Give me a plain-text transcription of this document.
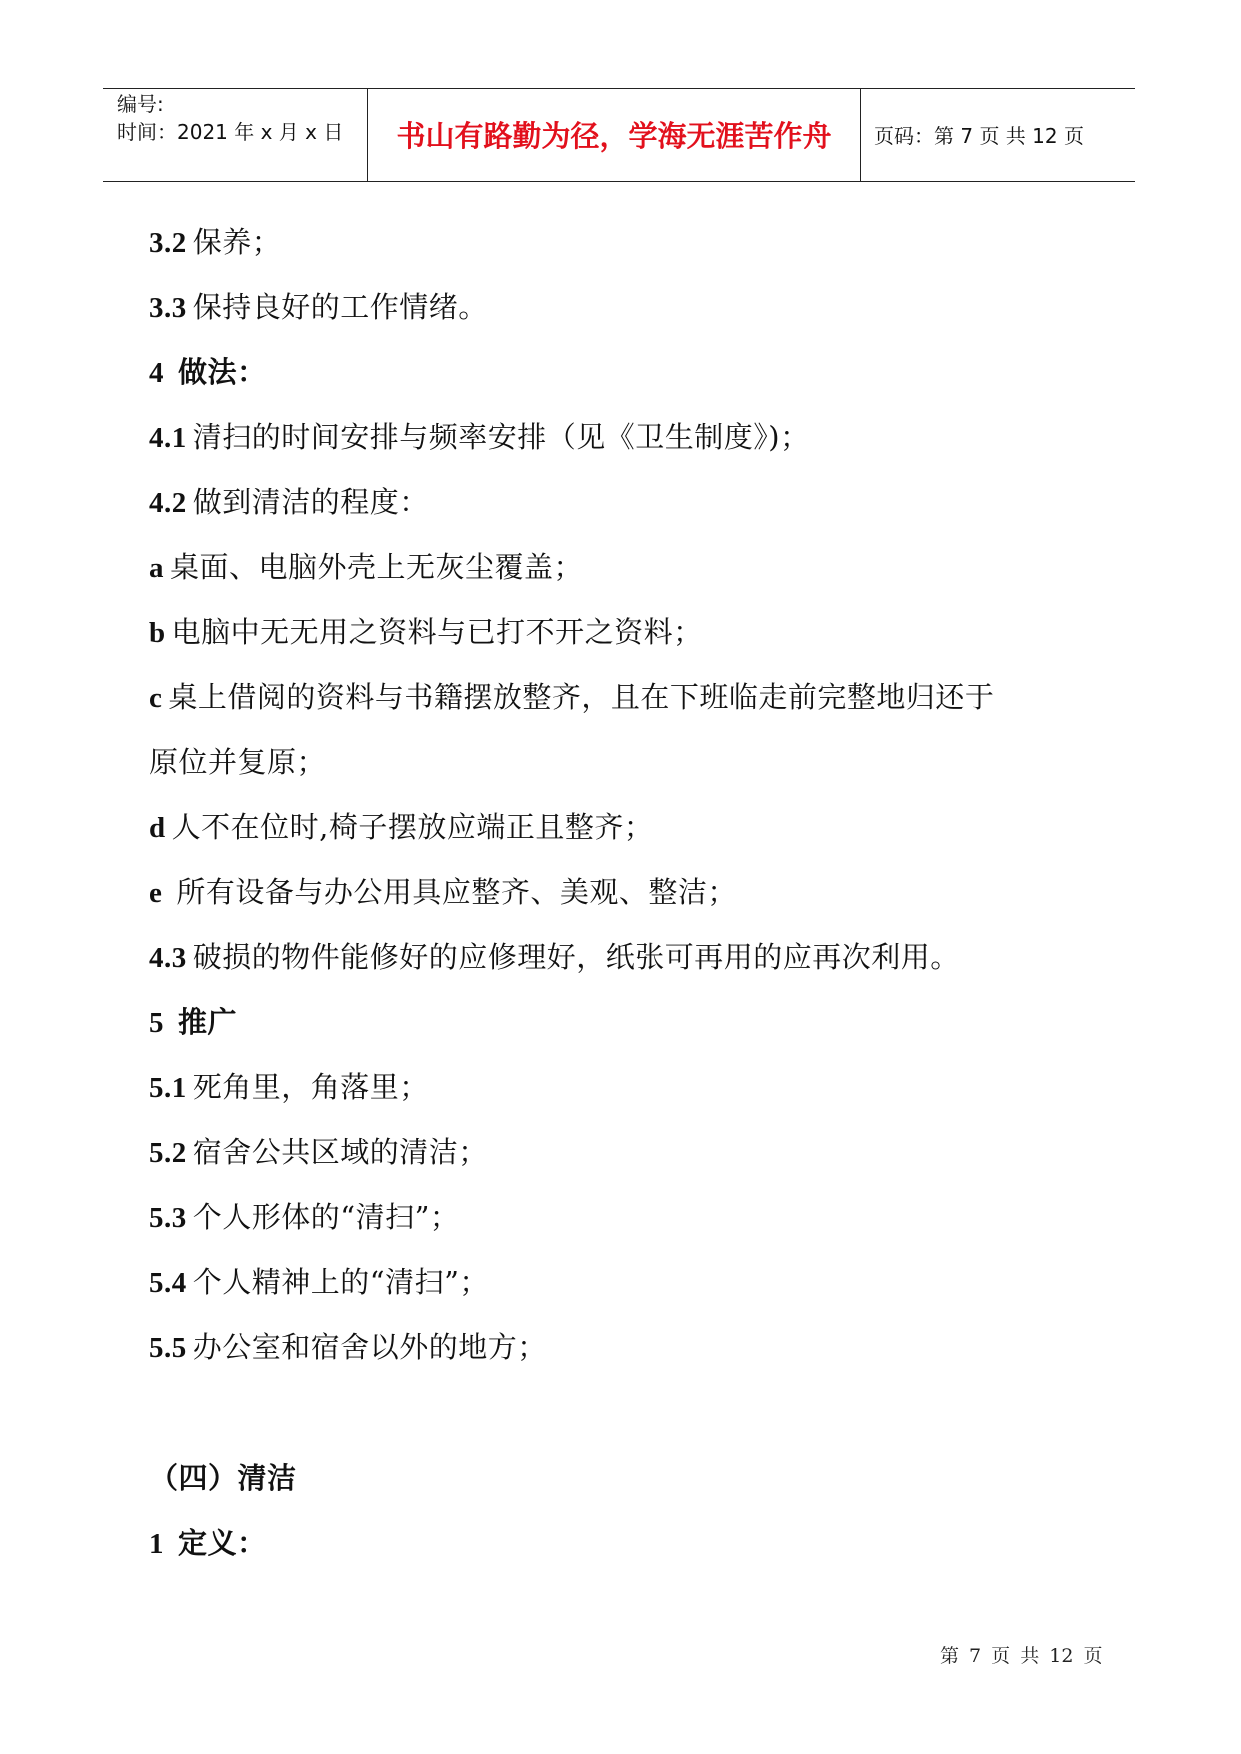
编号:
时间：2021 年 x 月 x 日	书山有路勤为径，学海无涯苦作舟	页码：第 7 页 共 12 页
3.2 保养；
3.3 保持良好的工作情绪。
4 做法：
4.1 清扫的时间安排与频率安排（见《卫生制度》)；
4.2 做到清洁的程度：
a 桌面、电脑外壳上无灰尘覆盖；
b 电脑中无无用之资料与已打不开之资料；
c 桌上借阅的资料与书籍摆放整齐，且在下班临走前完整地归还于
原位并复原；
d 人不在位时,椅子摆放应端正且整齐；
e 所有设备与办公用具应整齐、美观、整洁；
4.3 破损的物件能修好的应修理好，纸张可再用的应再次利用。
5 推广
5.1 死角里，角落里；
5.2 宿舍公共区域的清洁；
5.3 个人形体的“清扫”；
5.4 个人精神上的“清扫”；
5.5 办公室和宿舍以外的地方；
（四）清洁
1 定义：
第 7 页 共 12 页
